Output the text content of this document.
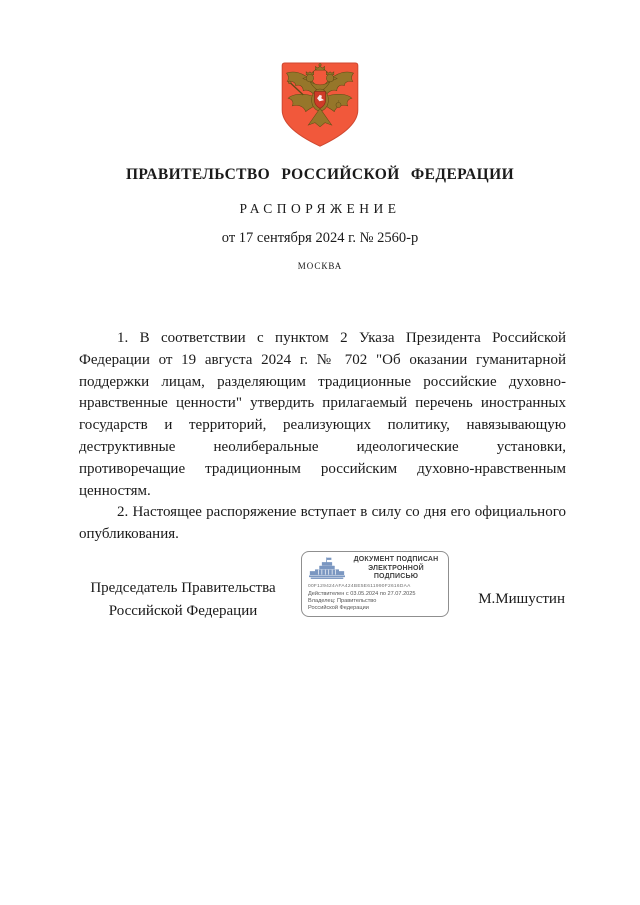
ПРАВИТЕЛЬСТВО РОССИЙСКОЙ ФЕДЕРАЦИИ
РАСПОРЯЖЕНИЕ
от 17 сентября 2024 г. № 2560-р
МОСКВА

1. В соответствии с пунктом 2 Указа Президента Российской Федерации от 19 августа 2024 г. № 702 "Об оказании гуманитарной поддержки лицам, разделяющим традиционные российские духовно-нравственные ценности" утвердить прилагаемый перечень иностранных государств и территорий, реализующих политику, навязывающую деструктивные неолиберальные идеологические установки, противоречащие традиционным российским духовно-нравственным ценностям.

2. Настоящее распоряжение вступает в силу со дня его официального опубликования.

Председатель Правительства
Российской Федерации
ДОКУМЕНТ ПОДПИСАН
ЭЛЕКТРОННОЙ ПОДПИСЬЮ
00F129424AFA424BE5E611990F2616DAA
Действителен с 03.05.2024 по 27.07.2025
Владелец: Правительство Российской Федерации
М.Мишустин
